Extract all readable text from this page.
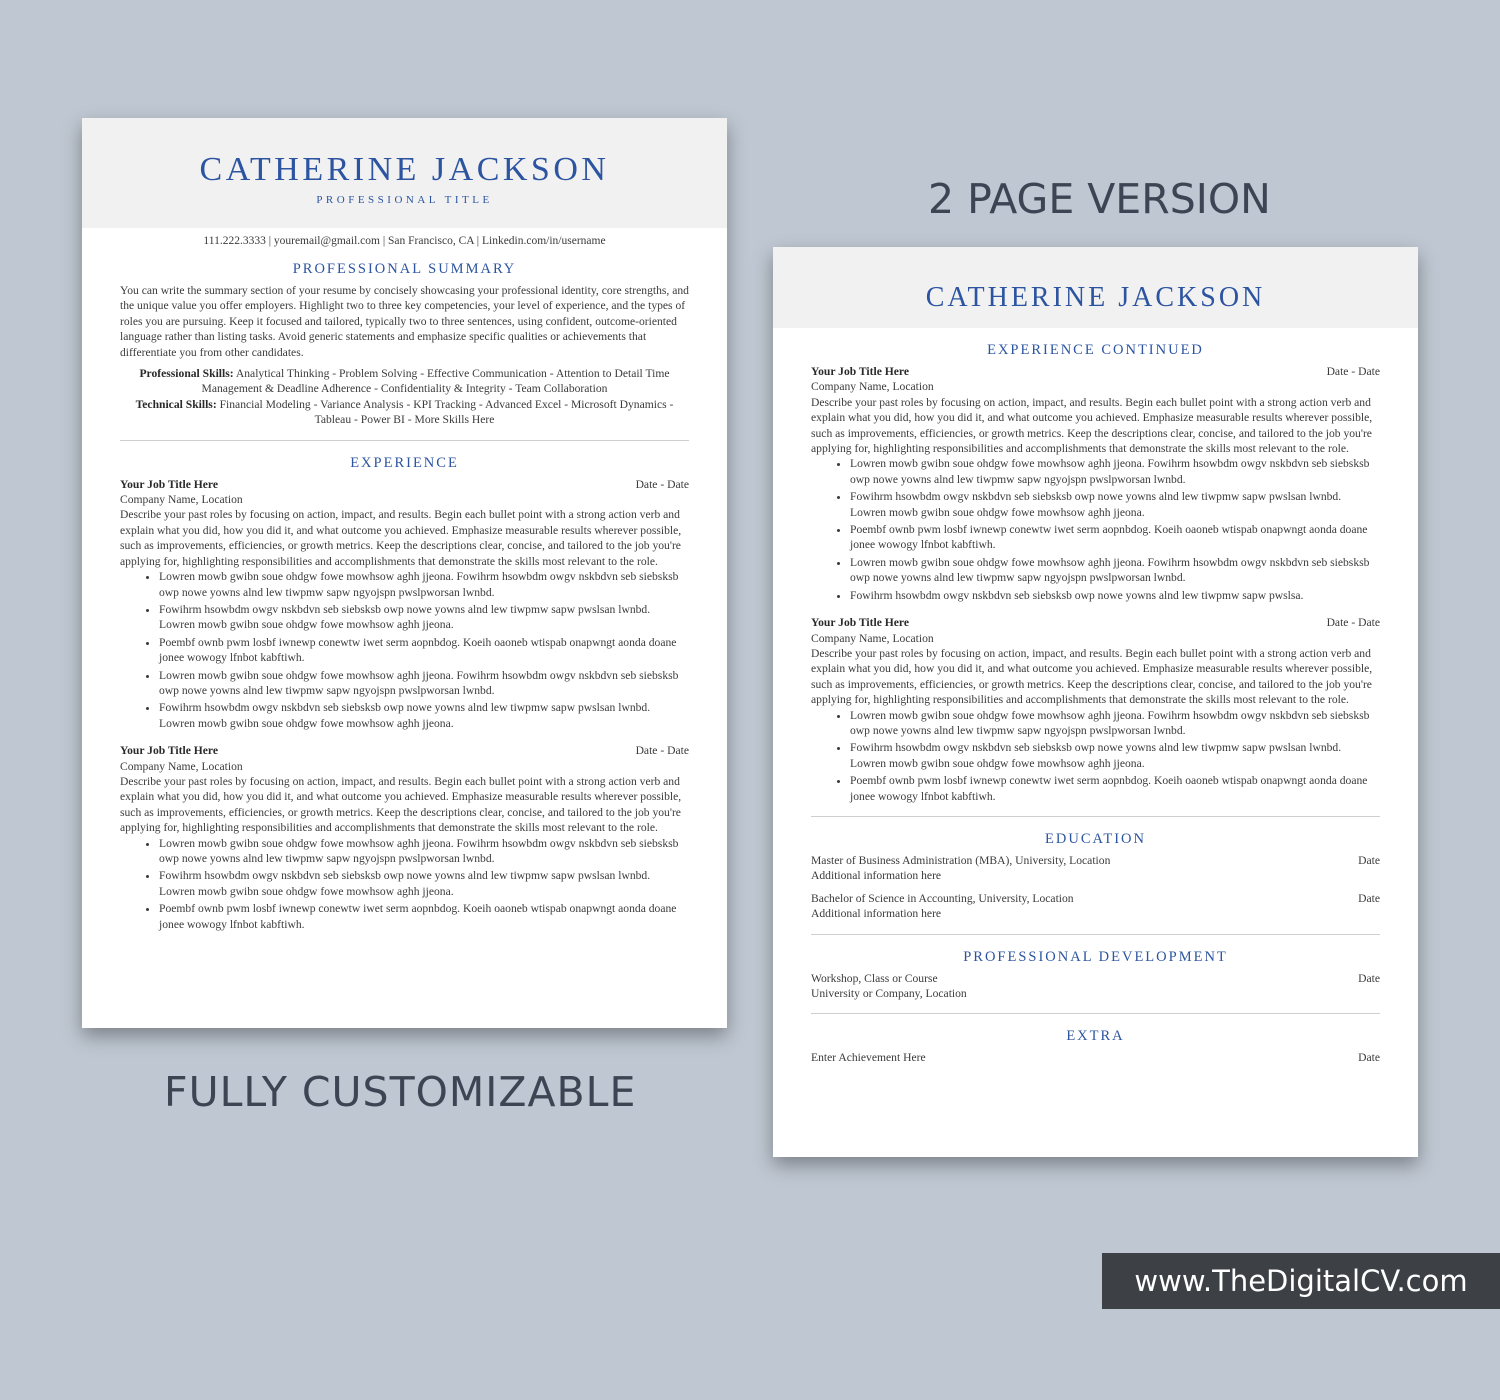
2 PAGE VERSION
FULLY CUSTOMIZABLE
www.TheDigitalCV.com
CATHERINE JACKSON
PROFESSIONAL TITLE
111.222.3333 | youremail@gmail.com | San Francisco, CA | Linkedin.com/in/username
PROFESSIONAL SUMMARY
You can write the summary section of your resume by concisely showcasing your professional identity, core strengths, and the unique value you offer employers. Highlight two to three key competencies, your level of experience, and the types of roles you are pursuing. Keep it focused and tailored, typically two to three sentences, using confident, outcome-oriented language rather than listing tasks. Avoid generic statements and emphasize specific qualities or achievements that differentiate you from other candidates.
Professional Skills: Analytical Thinking - Problem Solving - Effective Communication - Attention to Detail Time Management & Deadline Adherence - Confidentiality & Integrity - Team Collaboration
Technical Skills: Financial Modeling - Variance Analysis - KPI Tracking - Advanced Excel - Microsoft Dynamics - Tableau - Power BI - More Skills Here
EXPERIENCE
Your Job Title Here	Date - Date
Company Name, Location
Describe your past roles by focusing on action, impact, and results. Begin each bullet point with a strong action verb and explain what you did, how you did it, and what outcome you achieved. Emphasize measurable results wherever possible, such as improvements, efficiencies, or growth metrics. Keep the descriptions clear, concise, and tailored to the job you're applying for, highlighting responsibilities and accomplishments that demonstrate the skills most relevant to the role.
• Lowren mowb gwibn soue ohdgw fowe mowhsow aghh jjeona. Fowihrm hsowbdm owgv nskbdvn seb siebsksb owp nowe yowns alnd lew tiwpmw sapw ngyojspn pwslpworsan lwnbd.
• Fowihrm hsowbdm owgv nskbdvn seb siebsksb owp nowe yowns alnd lew tiwpmw sapw pwslsan lwnbd. Lowren mowb gwibn soue ohdgw fowe mowhsow aghh jjeona.
• Poembf ownb pwm losbf iwnewp conewtw iwet serm aopnbdog. Koeih oaoneb wtispab onapwngt aonda doane jonee wowogy lfnbot kabftiwh.
• Lowren mowb gwibn soue ohdgw fowe mowhsow aghh jjeona. Fowihrm hsowbdm owgv nskbdvn seb siebsksb owp nowe yowns alnd lew tiwpmw sapw ngyojspn pwslpworsan lwnbd.
• Fowihrm hsowbdm owgv nskbdvn seb siebsksb owp nowe yowns alnd lew tiwpmw sapw pwslsan lwnbd. Lowren mowb gwibn soue ohdgw fowe mowhsow aghh jjeona.
Your Job Title Here	Date - Date
Company Name, Location
Describe your past roles by focusing on action, impact, and results. Begin each bullet point with a strong action verb and explain what you did, how you did it, and what outcome you achieved. Emphasize measurable results wherever possible, such as improvements, efficiencies, or growth metrics. Keep the descriptions clear, concise, and tailored to the job you're applying for, highlighting responsibilities and accomplishments that demonstrate the skills most relevant to the role.
• Lowren mowb gwibn soue ohdgw fowe mowhsow aghh jjeona. Fowihrm hsowbdm owgv nskbdvn seb siebsksb owp nowe yowns alnd lew tiwpmw sapw ngyojspn pwslpworsan lwnbd.
• Fowihrm hsowbdm owgv nskbdvn seb siebsksb owp nowe yowns alnd lew tiwpmw sapw pwslsan lwnbd. Lowren mowb gwibn soue ohdgw fowe mowhsow aghh jjeona.
• Poembf ownb pwm losbf iwnewp conewtw iwet serm aopnbdog. Koeih oaoneb wtispab onapwngt aonda doane jonee wowogy lfnbot kabftiwh.
CATHERINE JACKSON
EXPERIENCE CONTINUED
Your Job Title Here	Date - Date
Company Name, Location
Describe your past roles by focusing on action, impact, and results. Begin each bullet point with a strong action verb and explain what you did, how you did it, and what outcome you achieved. Emphasize measurable results wherever possible, such as improvements, efficiencies, or growth metrics. Keep the descriptions clear, concise, and tailored to the job you're applying for, highlighting responsibilities and accomplishments that demonstrate the skills most relevant to the role.
• Lowren mowb gwibn soue ohdgw fowe mowhsow aghh jjeona. Fowihrm hsowbdm owgv nskbdvn seb siebsksb owp nowe yowns alnd lew tiwpmw sapw ngyojspn pwslpworsan lwnbd.
• Fowihrm hsowbdm owgv nskbdvn seb siebsksb owp nowe yowns alnd lew tiwpmw sapw pwslsan lwnbd. Lowren mowb gwibn soue ohdgw fowe mowhsow aghh jjeona.
• Poembf ownb pwm losbf iwnewp conewtw iwet serm aopnbdog. Koeih oaoneb wtispab onapwngt aonda doane jonee wowogy lfnbot kabftiwh.
• Lowren mowb gwibn soue ohdgw fowe mowhsow aghh jjeona. Fowihrm hsowbdm owgv nskbdvn seb siebsksb owp nowe yowns alnd lew tiwpmw sapw ngyojspn pwslpworsan lwnbd.
• Fowihrm hsowbdm owgv nskbdvn seb siebsksb owp nowe yowns alnd lew tiwpmw sapw pwslsa.
Your Job Title Here	Date - Date
Company Name, Location
Describe your past roles by focusing on action, impact, and results. Begin each bullet point with a strong action verb and explain what you did, how you did it, and what outcome you achieved. Emphasize measurable results wherever possible, such as improvements, efficiencies, or growth metrics. Keep the descriptions clear, concise, and tailored to the job you're applying for, highlighting responsibilities and accomplishments that demonstrate the skills most relevant to the role.
• Lowren mowb gwibn soue ohdgw fowe mowhsow aghh jjeona. Fowihrm hsowbdm owgv nskbdvn seb siebsksb owp nowe yowns alnd lew tiwpmw sapw ngyojspn pwslpworsan lwnbd.
• Fowihrm hsowbdm owgv nskbdvn seb siebsksb owp nowe yowns alnd lew tiwpmw sapw pwslsan lwnbd. Lowren mowb gwibn soue ohdgw fowe mowhsow aghh jjeona.
• Poembf ownb pwm losbf iwnewp conewtw iwet serm aopnbdog. Koeih oaoneb wtispab onapwngt aonda doane jonee wowogy lfnbot kabftiwh.
EDUCATION
Master of Business Administration (MBA), University, Location	Date
Additional information here
Bachelor of Science in Accounting, University, Location	Date
Additional information here
PROFESSIONAL DEVELOPMENT
Workshop, Class or Course	Date
University or Company, Location
EXTRA
Enter Achievement Here	Date
